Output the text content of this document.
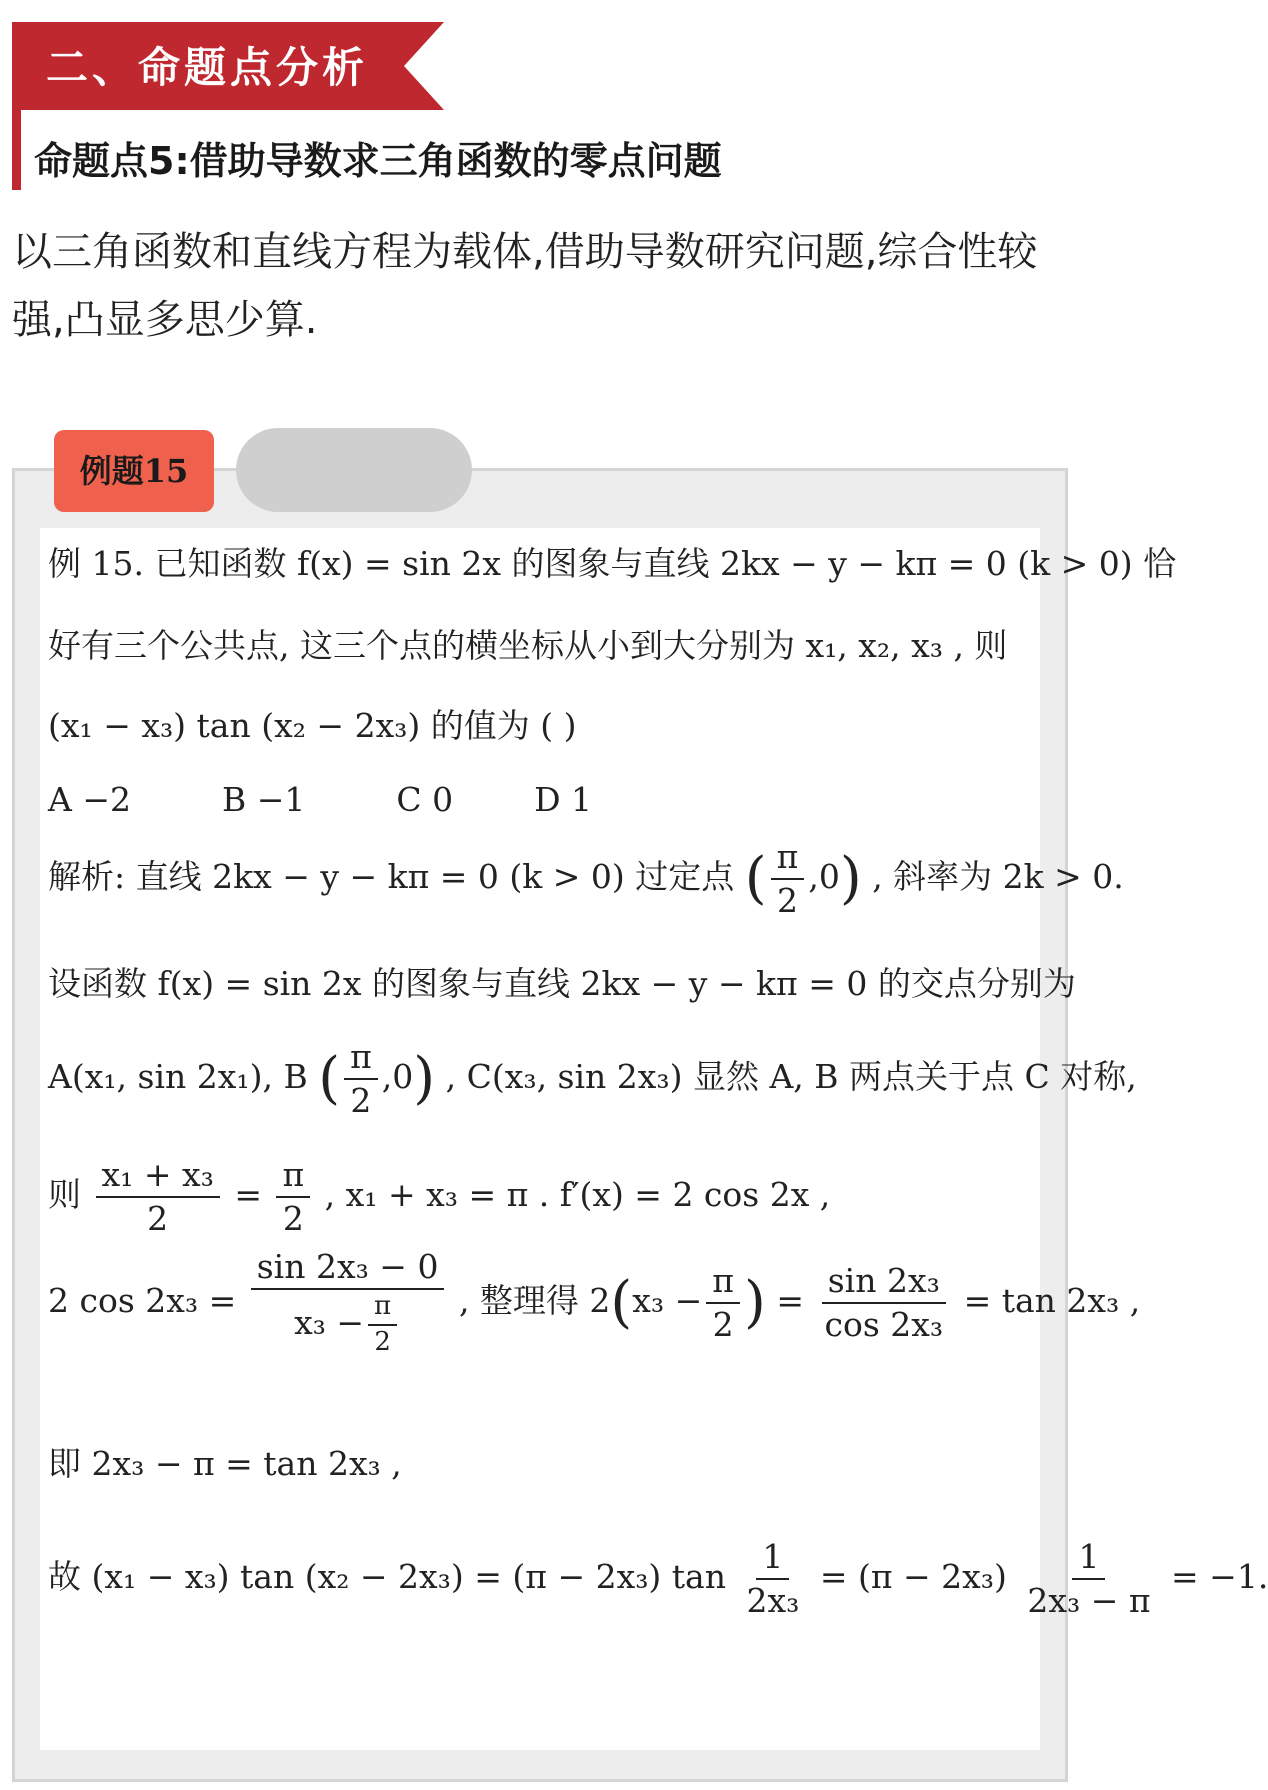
二、命题点分析
命题点5:借助导数求三角函数的零点问题
以三角函数和直线方程为载体,借助导数研究问题,综合性较强,凸显多思少算.
例题15
例 15. 已知函数 f(x) = sin 2x 的图象与直线 2kx − y − kπ = 0 (k > 0) 恰
好有三个公共点, 这三个点的横坐标从小到大分别为 x₁, x₂, x₃ , 则
(x₁ − x₃) tan (x₂ − 2x₃) 的值为 ( )
A −2	B −1	C 0 D 1
解析: 直线 2kx − y − kπ = 0 (k > 0) 过定点 ( $\frac{\pi}{2} ,0$) , 斜率为 2k > 0.
设函数 f(x) = sin 2x 的图象与直线 2kx − y − kπ = 0 的交点分别为
A(x₁, sin 2x₁), B ( $\frac{\pi}{2} ,0$) , C(x₃, sin 2x₃) 显然 A, B 两点关于点 C 对称,
则 $\frac{\text{x₁ + x₃}}{2} = \frac{\pi}{2}$ , x₁ + x₃ = π . f′(x) = 2 cos 2x ,
2 $\cos 2x_3 = \frac{\text{sin 2x₃ − 0}}{x_3 - \frac{\pi}{2}}$ , 整理得 $2(x_3 - \frac{\pi}{2}$ ) = $\frac{\text{sin 2x₃}}{\text{cos 2x₃}} = \tan 2x_3$ ,
即 2x₃ − π = tan 2x₃ ,
故 (x₁ − x₃) tan (x₂ − 2x₃) = (π − 2x₃) $\tan \frac{1}{\text{2x₃}} = (\pi - 2x_3) \frac{1}{\text{2x₃ − π}} = -1$.
